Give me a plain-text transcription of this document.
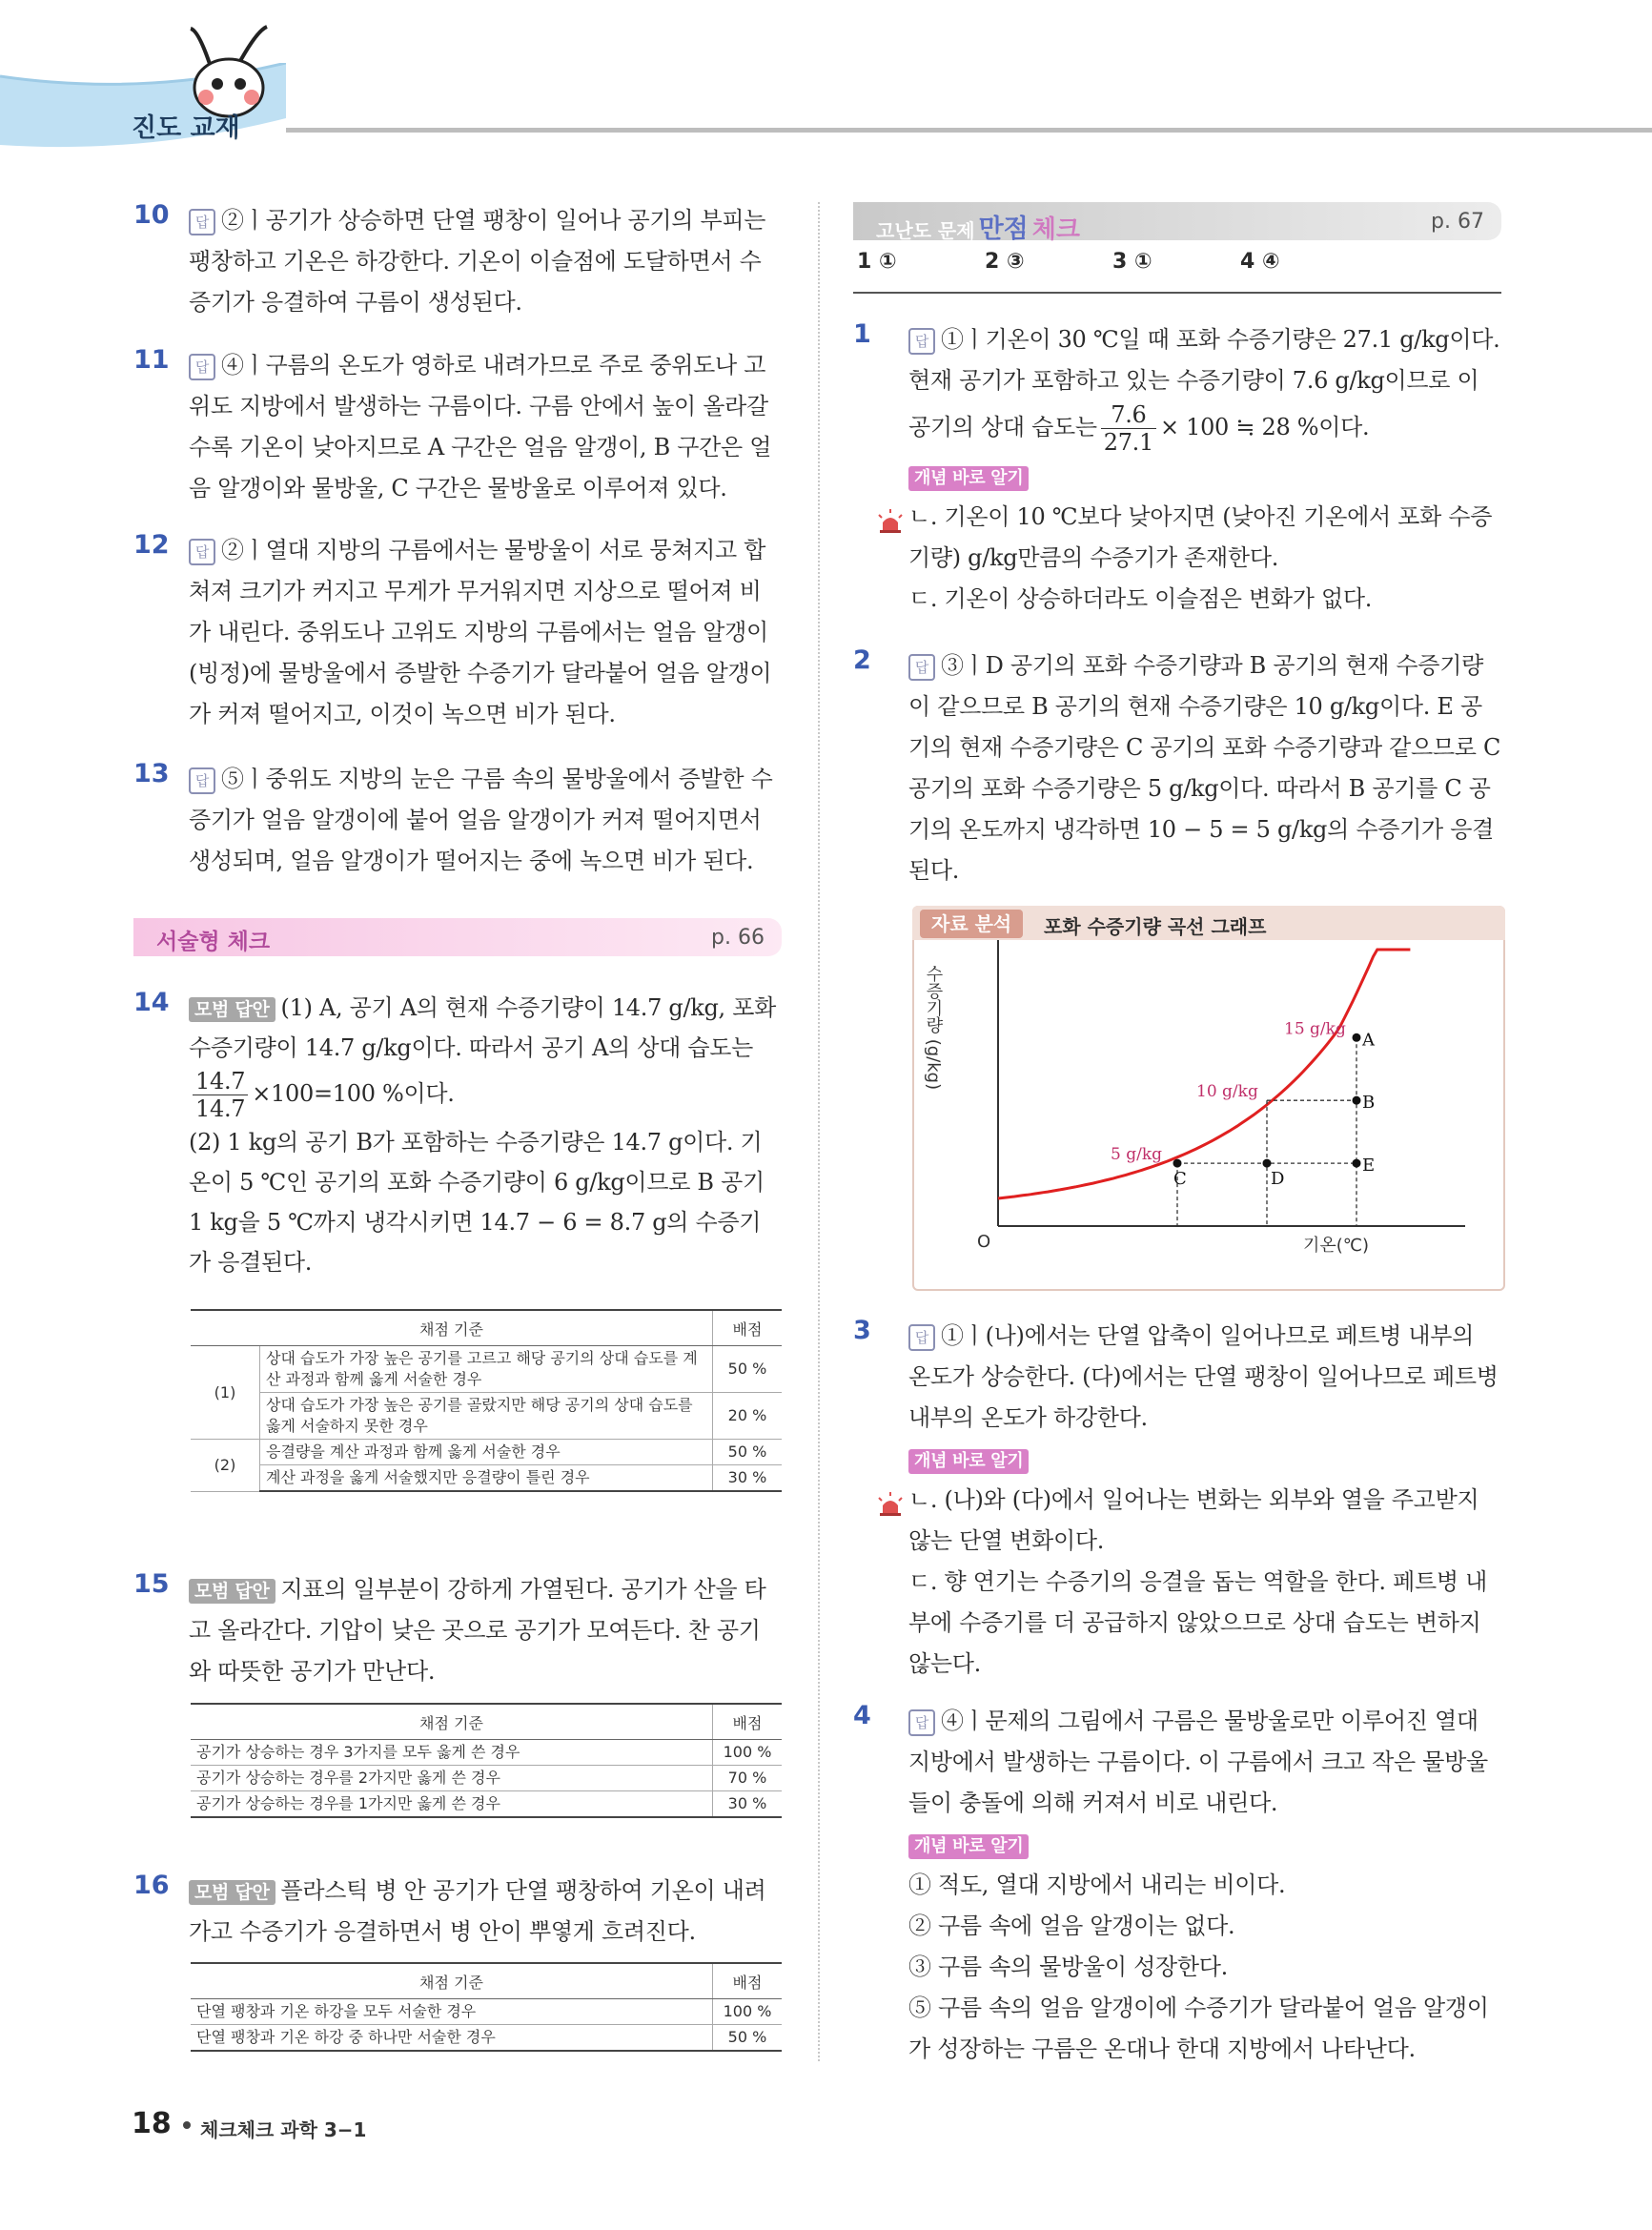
진도 교재
10	답 ②ㅣ공기가 상승하면 단열 팽창이 일어나 공기의 부피는 팽창하고 기온은 하강한다. 기온이 이슬점에 도달하면서 수증기가 응결하여 구름이 생성된다.
11	답 ④ㅣ구름의 온도가 영하로 내려가므로 주로 중위도나 고위도 지방에서 발생하는 구름이다. 구름 안에서 높이 올라갈수록 기온이 낮아지므로 A 구간은 얼음 알갱이, B 구간은 얼음 알갱이와 물방울, C 구간은 물방울로 이루어져 있다.
12	답 ②ㅣ열대 지방의 구름에서는 물방울이 서로 뭉쳐지고 합쳐져 크기가 커지고 무게가 무거워지면 지상으로 떨어져 비가 내린다. 중위도나 고위도 지방의 구름에서는 얼음 알갱이(빙정)에 물방울에서 증발한 수증기가 달라붙어 얼음 알갱이가 커져 떨어지고, 이것이 녹으면 비가 된다.
13	답 ⑤ㅣ중위도 지방의 눈은 구름 속의 물방울에서 증발한 수증기가 얼음 알갱이에 붙어 얼음 알갱이가 커져 떨어지면서 생성되며, 얼음 알갱이가 떨어지는 중에 녹으면 비가 된다.
서술형 체크	p. 66
14	모범 답안 (1) A, 공기 A의 현재 수증기량이 14.7 g/kg, 포화 수증기량이 14.7 g/kg이다. 따라서 공기 A의 상대 습도는

$\frac{14.7}{14.7} \times 100=100$ %이다.
(2) 1 kg의 공기 B가 포함하는 수증기량은 14.7 g이다. 기온이 5 ℃인 공기의 포화 수증기량이 6 g/kg이므로 B 공기 1 kg을 5 ℃까지 냉각시키면 14.7 − 6 = 8.7 g의 수증기가 응결된다.
채점 기준		배점
(1)	상대 습도가 가장 높은 공기를 고르고 해당 공기의 상대 습도를 계산 과정과 함께 옳게 서술한 경우	50 %
	상대 습도가 가장 높은 공기를 골랐지만 해당 공기의 상대 습도를 옳게 서술하지 못한 경우	20 %
(2)	응결량을 계산 과정과 함께 옳게 서술한 경우	50 %
	계산 과정을 옳게 서술했지만 응결량이 틀린 경우	30 %
15	모범 답안 지표의 일부분이 강하게 가열된다. 공기가 산을 타고 올라간다. 기압이 낮은 곳으로 공기가 모여든다. 찬 공기와 따뜻한 공기가 만난다.
채점 기준	배점
공기가 상승하는 경우 3가지를 모두 옳게 쓴 경우	100 %
공기가 상승하는 경우를 2가지만 옳게 쓴 경우	70 %
공기가 상승하는 경우를 1가지만 옳게 쓴 경우	30 %
16	모범 답안 플라스틱 병 안 공기가 단열 팽창하여 기온이 내려가고 수증기가 응결하면서 병 안이 뿌옇게 흐려진다.
채점 기준	배점
단열 팽창과 기온 하강을 모두 서술한 경우	100 %
단열 팽창과 기온 하강 중 하나만 서술한 경우	50 %
고난도 문제 만점 체크	p. 67
1 ①	2 ③	3 ①	4 ④
1	답 ①ㅣ기온이 30 ℃일 때 포화 수증기량은 27.1 g/kg이다. 현재 공기가 포함하고 있는 수증기량이 7.6 g/kg이므로 이 공기의 상대 습도는 $\frac{7.6}{27.1} \times 100$ ≒ 28 %이다.
개념 바로 알기

ㄴ. 기온이 10 ℃보다 낮아지면 (낮아진 기온에서 포화 수증기량) g/kg만큼의 수증기가 존재한다.
ㄷ. 기온이 상승하더라도 이슬점은 변화가 없다.
2	답 ③ㅣD 공기의 포화 수증기량과 B 공기의 현재 수증기량이 같으므로 B 공기의 현재 수증기량은 10 g/kg이다. E 공기의 현재 수증기량은 C 공기의 포화 수증기량과 같으므로 C 공기의 포화 수증기량은 5 g/kg이다. 따라서 B 공기를 C 공기의 온도까지 냉각하면 10 − 5 = 5 g/kg의 수증기가 응결된다.
자료 분석	포화 수증기량 곡선 그래프
O	기온(℃)
수증기량 (g/kg)
5 g/kg
10 g/kg
15 g/kg
C	D
E
B
A
3	답 ①ㅣ(나)에서는 단열 압축이 일어나므로 페트병 내부의 온도가 상승한다. (다)에서는 단열 팽창이 일어나므로 페트병 내부의 온도가 하강한다.
개념 바로 알기

ㄴ. (나)와 (다)에서 일어나는 변화는 외부와 열을 주고받지 않는 단열 변화이다.
ㄷ. 향 연기는 수증기의 응결을 돕는 역할을 한다. 페트병 내부에 수증기를 더 공급하지 않았으므로 상대 습도는 변하지 않는다.
4	답 ④ㅣ문제의 그림에서 구름은 물방울로만 이루어진 열대 지방에서 발생하는 구름이다. 이 구름에서 크고 작은 물방울들이 충돌에 의해 커져서 비로 내린다.
개념 바로 알기
① 적도, 열대 지방에서 내리는 비이다.
② 구름 속에 얼음 알갱이는 없다.
③ 구름 속의 물방울이 성장한다.
⑤ 구름 속의 얼음 알갱이에 수증기가 달라붙어 얼음 알갱이가 성장하는 구름은 온대나 한대 지방에서 나타난다.
18 체크체크 과학 3−1
